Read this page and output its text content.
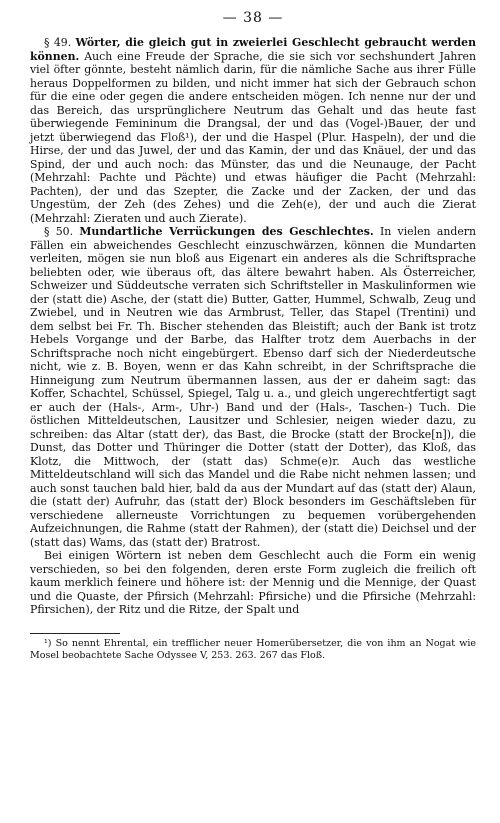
— 38 —

§ 49. Wörter, die gleich gut in zweierlei Geschlecht gebraucht werden können. Auch eine Freude der Sprache, die sie sich vor sechshundert Jahren viel öfter gönnte, besteht nämlich darin, für die nämliche Sache aus ihrer Fülle heraus Doppelformen zu bilden, und nicht immer hat sich der Gebrauch schon für die eine oder gegen die andere entscheiden mögen. Ich nenne nur der und das Bereich, das ursprünglichere Neutrum das Gehalt und das heute fast überwiegende Femininum die Drangsal, der und das (Vogel-)Bauer, der und jetzt überwiegend das Floß¹), der und die Haspel (Plur. Haspeln), der und die Hirse, der und das Juwel, der und das Kamin, der und das Knäuel, der und das Spind, der und auch noch: das Münster, das und die Neunauge, der Pacht (Mehrzahl: Pachte und Pächte) und etwas häufiger die Pacht (Mehrzahl: Pachten), der und das Szepter, die Zacke und der Zacken, der und das Ungestüm, der Zeh (des Zehes) und die Zeh(e), der und auch die Zierat (Mehrzahl: Zieraten und auch Zierate).

§ 50. Mundartliche Verrückungen des Geschlechtes. In vielen andern Fällen ein abweichendes Geschlecht einzuschwärzen, können die Mundarten verleiten, mögen sie nun bloß aus Eigenart ein anderes als die Schriftsprache beliebten oder, wie überaus oft, das ältere bewahrt haben. Als Österreicher, Schweizer und Süddeutsche verraten sich Schriftsteller in Maskulinformen wie der (statt die) Asche, der (statt die) Butter, Gatter, Hummel, Schwalb, Zeug und Zwiebel, und in Neutren wie das Armbrust, Teller, das Stapel (Trentini) und dem selbst bei Fr. Th. Bischer stehenden das Bleistift; auch der Bank ist trotz Hebels Vorgange und der Barbe, das Halfter trotz dem Auerbachs in der Schriftsprache noch nicht eingebürgert. Ebenso darf sich der Niederdeutsche nicht, wie z. B. Boyen, wenn er das Kahn schreibt, in der Schriftsprache die Hinneigung zum Neutrum übermannen lassen, aus der er daheim sagt: das Koffer, Schachtel, Schüssel, Spiegel, Talg u. a., und gleich ungerechtfertigt sagt er auch der (Hals-, Arm-, Uhr-) Band und der (Hals-, Taschen-) Tuch. Die östlichen Mitteldeutschen, Lausitzer und Schlesier, neigen wieder dazu, zu schreiben: das Altar (statt der), das Bast, die Brocke (statt der Brocke[n]), die Dunst, das Dotter und Thüringer die Dotter (statt der Dotter), das Kloß, das Klotz, die Mittwoch, der (statt das) Schme(e)r. Auch das westliche Mitteldeutschland will sich das Mandel und die Rabe nicht nehmen lassen; und auch sonst tauchen bald hier, bald da aus der Mundart auf das (statt der) Alaun, die (statt der) Aufruhr, das (statt der) Block besonders im Geschäftsleben für verschiedene allerneuste Vorrichtungen zu bequemen vorübergehenden Aufzeichnungen, die Rahme (statt der Rahmen), der (statt die) Deichsel und der (statt das) Wams, das (statt der) Bratrost.

Bei einigen Wörtern ist neben dem Geschlecht auch die Form ein wenig verschieden, so bei den folgenden, deren erste Form zugleich die freilich oft kaum merklich feinere und höhere ist: der Mennig und die Mennige, der Quast und die Quaste, der Pfirsich (Mehrzahl: Pfirsiche) und die Pfirsiche (Mehrzahl: Pfirsichen), der Ritz und die Ritze, der Spalt und

¹) So nennt Ehrental, ein trefflicher neuer Homerübersetzer, die von ihm an Nogat wie Mosel beobachtete Sache Odyssee V, 253. 263. 267 das Floß.
